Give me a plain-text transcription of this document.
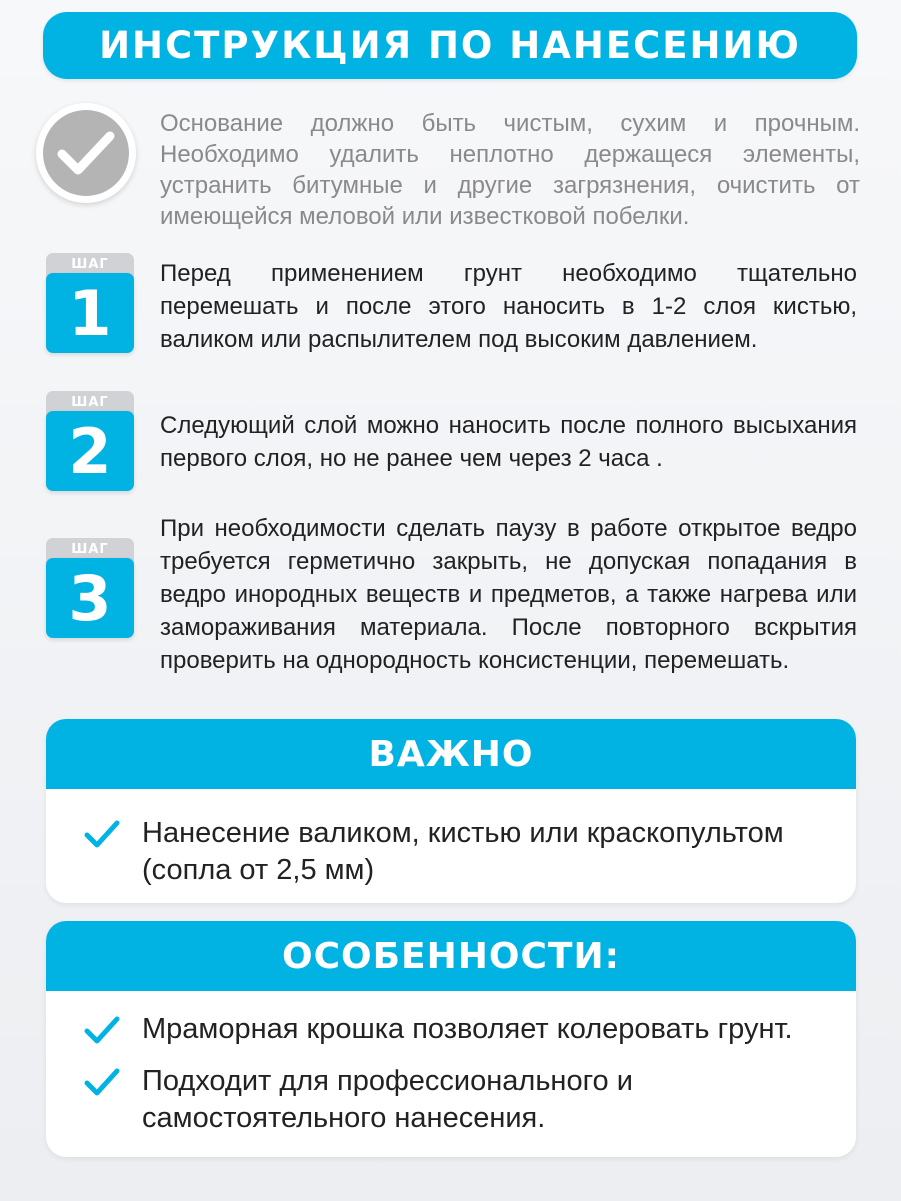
ИНСТРУКЦИЯ ПО НАНЕСЕНИЮ
Основание должно быть чистым, сухим и прочным. Необходимо удалить неплотно держащеся элементы, устранить битумные и другие загрязнения, очистить от имеющейся меловой или известковой побелки.
ШАГ
1
Перед применением грунт необходимо тщательно перемешать и после этого наносить в 1-2 слоя кистью, валиком или распылителем под высоким давлением.
ШАГ
2	Следующий слой можно наносить после полного высыхания первого слоя, но не ранее чем через 2 часа .
ШАГ
3
При необходимости сделать паузу в работе открытое ведро требуется герметично закрыть, не допуская попадания в ведро инородных веществ и предметов, а также нагрева или замораживания материала. После повторного вскрытия проверить на однородность консистенции, перемешать.
ВАЖНО
Нанесение валиком, кистью или краскопультом (сопла от 2,5 мм)
ОСОБЕННОСТИ:
Мраморная крошка позволяет колеровать грунт.
Подходит для профессионального и самостоятельного нанесения.
